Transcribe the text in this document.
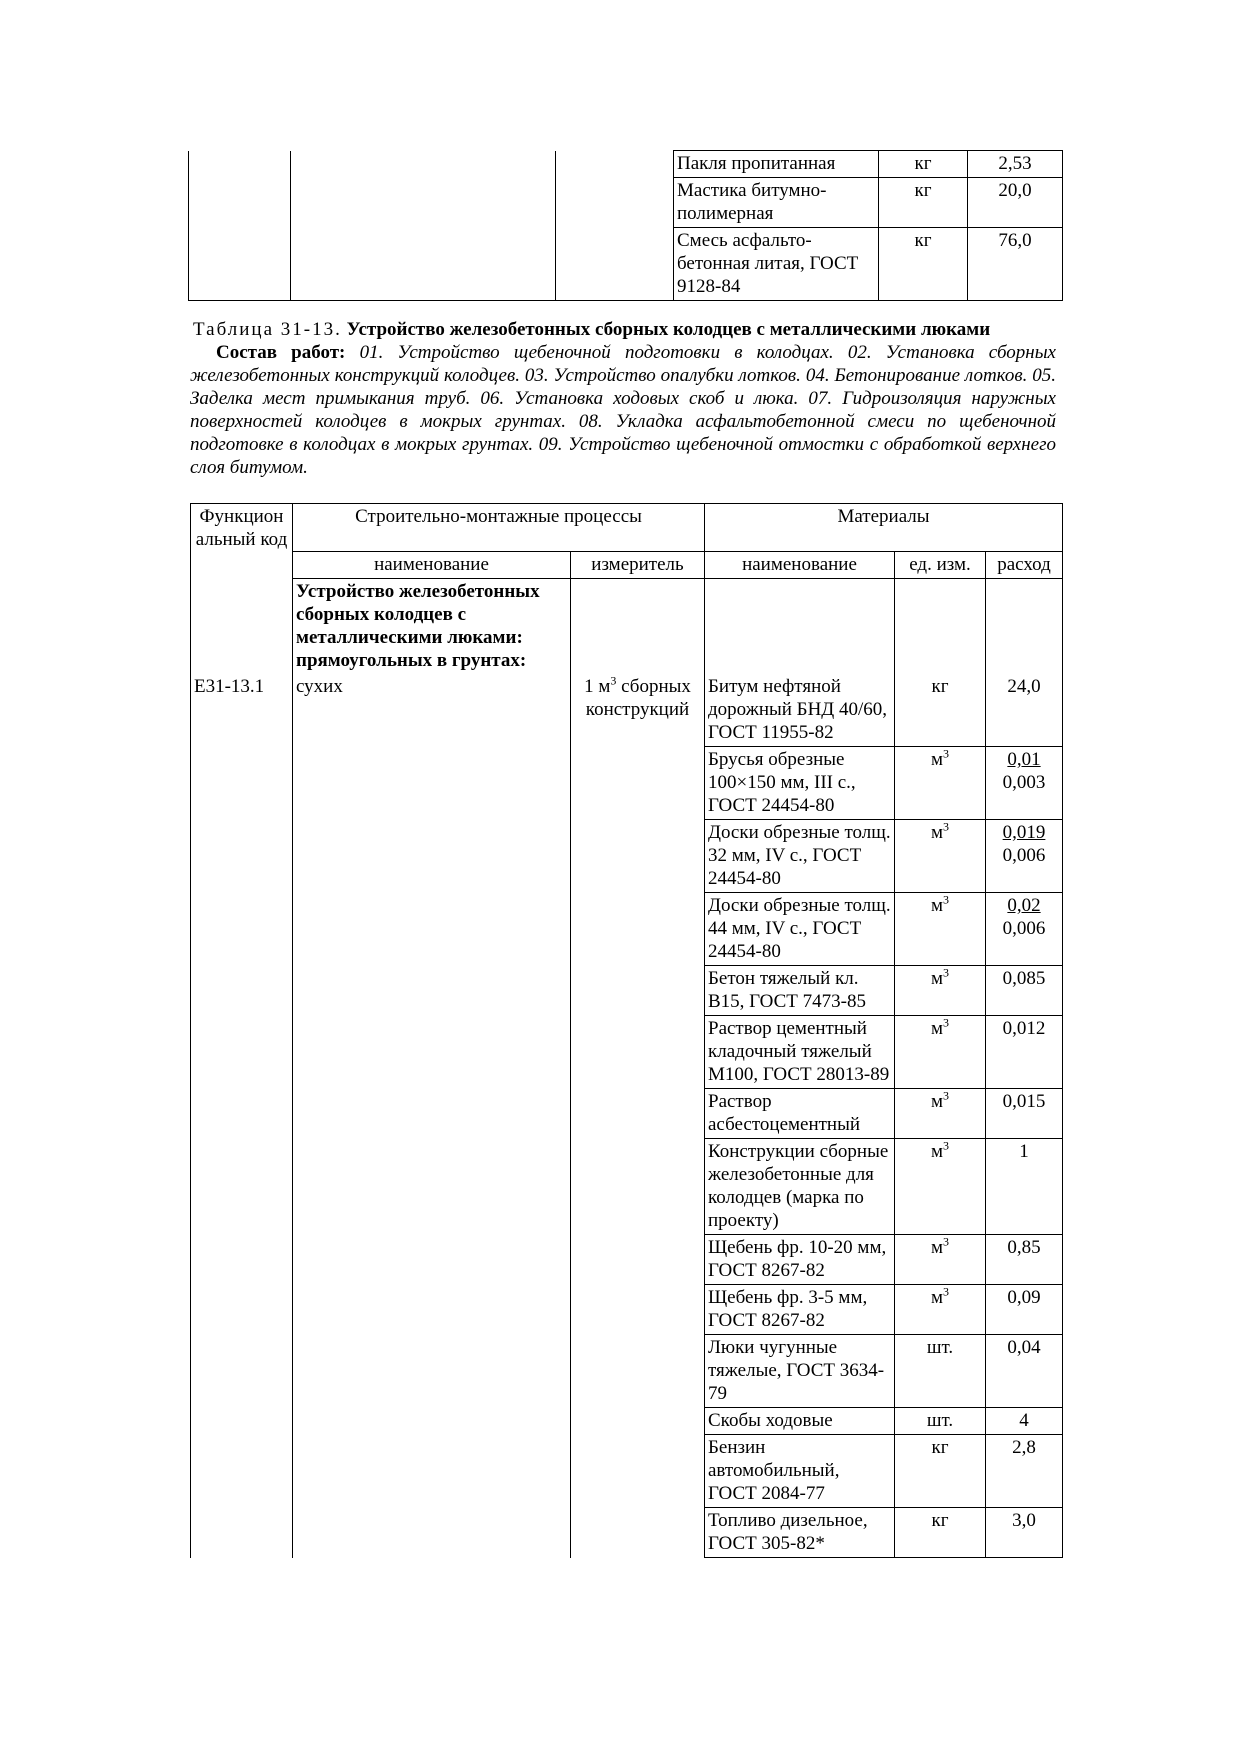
			Пакля пропитанная	кг	2,53
			Мастика битумно-полимерная	кг	20,0
			Смесь асфальто-бетонная литая, ГОСТ 9128-84	кг	76,0
Таблица 31-13. Устройство железобетонных сборных колодцев с металлическими люками
Состав работ: 01. Устройство щебеночной подготовки в колодцах. 02. Установка сборных железобетонных конструкций колодцев. 03. Устройство опалубки лотков. 04. Бетонирование лотков. 05. Заделка мест примыкания труб. 06. Установка ходовых скоб и люка. 07. Гидроизоляция наружных поверхностей колодцев в мокрых грунтах. 08. Укладка асфальтобетонной смеси по щебеночной подготовке в колодцах в мокрых грунтах. 09. Устройство щебеночной отмостки с обработкой верхнего слоя битумом.
Функцион альный код	Строительно-монтажные процессы		Материалы		
	наименование	измеритель	наименование	ед. изм.	расход
	Устройство железобетонных сборных колодцев с металлическими люками: прямоугольных в грунтах:				
Е31-13.1	сухих	1 $м^3$ сборных конструкций	Битум нефтяной дорожный БНД 40/60, ГОСТ 11955-82	кг	24,0

			Брусья обрезные 100×150 мм, III с., ГОСТ 24454-80	$м^3$	0,01
0,003

			Доски обрезные толщ. 32 мм, IV с., ГОСТ 24454-80	$м^3$	0,019
0,006

			Доски обрезные толщ. 44 мм, IV с., ГОСТ 24454-80	$м^3$	0,02
0,006

			Бетон тяжелый кл. В15, ГОСТ 7473-85	$м^3$	0,085

			Раствор цементный кладочный тяжелый М100, ГОСТ 28013-89	$м^3$	0,012

			Раствор асбестоцементный	$м^3$	0,015

			Конструкции сборные железобетонные для колодцев (марка по проекту)	$м^3$	1

			Щебень фр. 10-20 мм, ГОСТ 8267-82	$м^3$	0,85

			Щебень фр. 3-5 мм, ГОСТ 8267-82	$м^3$	0,09

			Люки чугунные тяжелые, ГОСТ 3634-79	шт.	0,04

			Скобы ходовые	шт.	4

			Бензин автомобильный, ГОСТ 2084-77	кг	2,8

			Топливо дизельное, ГОСТ 305-82*	кг	3,0
